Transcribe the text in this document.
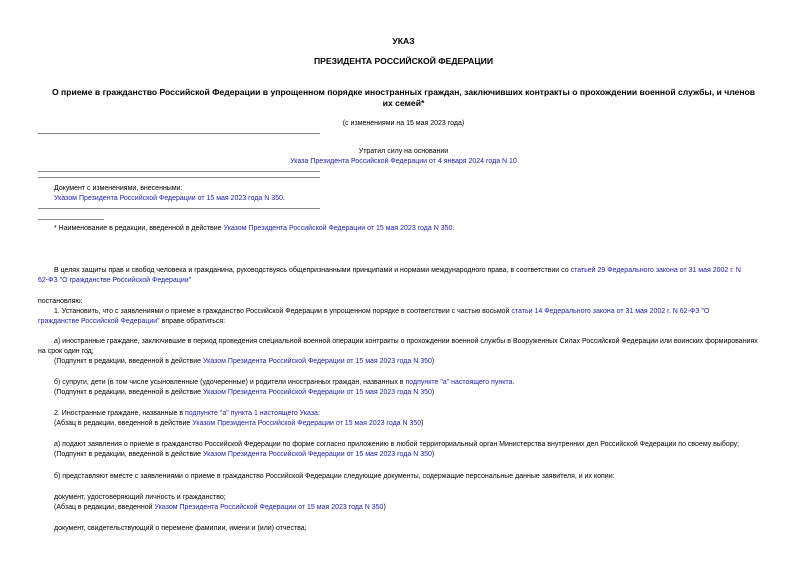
УКАЗ
ПРЕЗИДЕНТА РОССИЙСКОЙ ФЕДЕРАЦИИ
О приеме в гражданство Российской Федерации в упрощенном порядке иностранных граждан, заключивших контракты о прохождении военной службы, и членов
их семей*
(с изменениями на 15 мая 2023 года)
Утратил силу на основании
Указа Президента Российской Федерации от 4 января 2024 года N 10
Документ с изменениями, внесенными:
Указом Президента Российской Федерации от 15 мая 2023 года N 350.
* Наименование в редакции, введенной в действие Указом Президента Российской Федерации от 15 мая 2023 года N 350.
В целях защиты прав и свобод человека и гражданина, руководствуясь общепризнанными принципами и нормами международного права, в соответствии со статьей 29 Федерального закона от 31 мая 2002 г. N
62-ФЗ "О гражданстве Российской Федерации"
постановляю:
1. Установить, что с заявлениями о приеме в гражданство Российской Федерации в упрощенном порядке в соответствии с частью восьмой статьи 14 Федерального закона от 31 мая 2002 г. N 62-ФЗ "О
гражданстве Российской Федерации" вправе обратиться:
а) иностранные граждане, заключившие в период проведения специальной военной операции контракты о прохождении военной службы в Вооруженных Силах Российской Федерации или воинских формированиях
на срок один год;
(Подпункт в редакции, введенной в действие Указом Президента Российской Федерации от 15 мая 2023 года N 350)
б) супруги, дети (в том числе усыновленные (удочеренные) и родители иностранных граждан, названных в подпункте "а" настоящего пункта.
(Подпункт в редакции, введенной в действие Указом Президента Российской Федерации от 15 мая 2023 года N 350)
2. Иностранные граждане, названные в подпункте "а" пункта 1 настоящего Указа:
(Абзац в редакции, введенной в действие Указом Президента Российской Федерации от 15 мая 2023 года N 350)
а) подают заявления о приеме в гражданство Российской Федерации по форме согласно приложению в любой территориальный орган Министерства внутренних дел Российской Федерации по своему выбору;
(Подпункт в редакции, введенной в действие Указом Президента Российской Федерации от 15 мая 2023 года N 350)
б) представляют вместе с заявлениями о приеме в гражданство Российской Федерации следующие документы, содержащие персональные данные заявителя, и их копии:
документ, удостоверяющий личность и гражданство;
(Абзац в редакции, введенной Указом Президента Российской Федерации от 15 мая 2023 года N 350)
документ, свидетельствующий о перемене фамилии, имени и (или) отчества;
